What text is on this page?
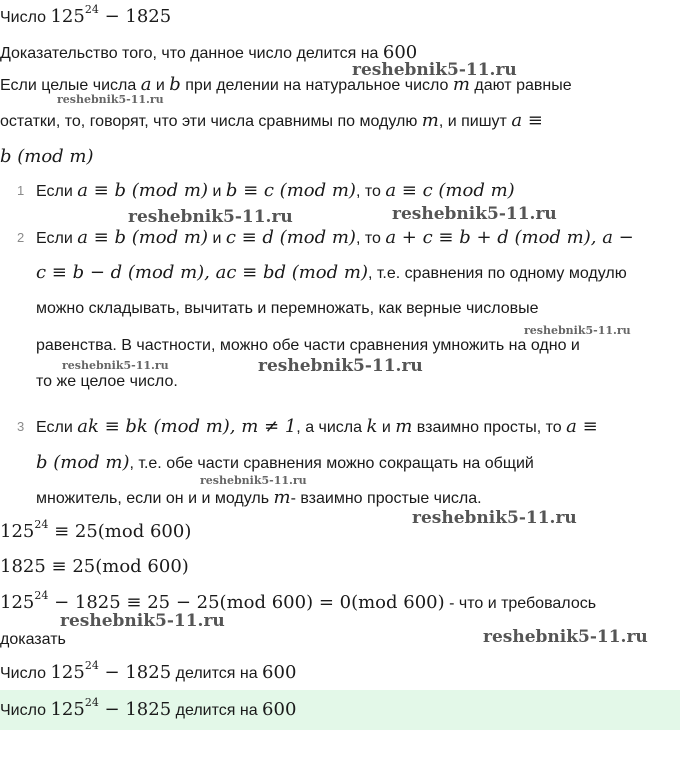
Число $125^{24} - 1825$
Доказательство того, что данное число делится на 600
Если целые числа a и b при делении на натуральное число m дают равные
остатки, то, говорят, что эти числа сравнимы по модулю m, и пишут a ≡
b (mod m)
1 Если a ≡ b (mod m) и b ≡ c (mod m), то a ≡ c (mod m)
2 Если a ≡ b (mod m) и c ≡ d (mod m), то a + c ≡ b + d (mod m), a −
c ≡ b − d (mod m), ac ≡ bd (mod m), т.е. сравнения по одному модулю
можно складывать, вычитать и перемножать, как верные числовые
равенства. В частности, можно обе части сравнения умножить на одно и
то же целое число.
3 Если ak ≡ bk (mod m), m ≠ 1, а числа k и m взаимно просты, то a ≡
b (mod m), т.е. обе части сравнения можно сокращать на общий
множитель, если он и и модуль m- взаимно простые числа.
$125^{24} \equiv 25(mod$ 600)
1825 ≡ 25(mod 600)
$125^{24} - 1825 \equiv 25 - 25(mod$ 600) = 0(mod 600) - что и требовалось
доказать
Число $125^{24} - 1825$ делится на 600
Число $125^{24} - 1825$ делится на 600
reshebnik5-11.ru
reshebnik5-11.ru
reshebnik5-11.ru	reshebnik5-11.ru
reshebnik5-11.ru
reshebnik5-11.ru	reshebnik5-11.ru
reshebnik5-11.ru
reshebnik5-11.ru
reshebnik5-11.ru
reshebnik5-11.ru
